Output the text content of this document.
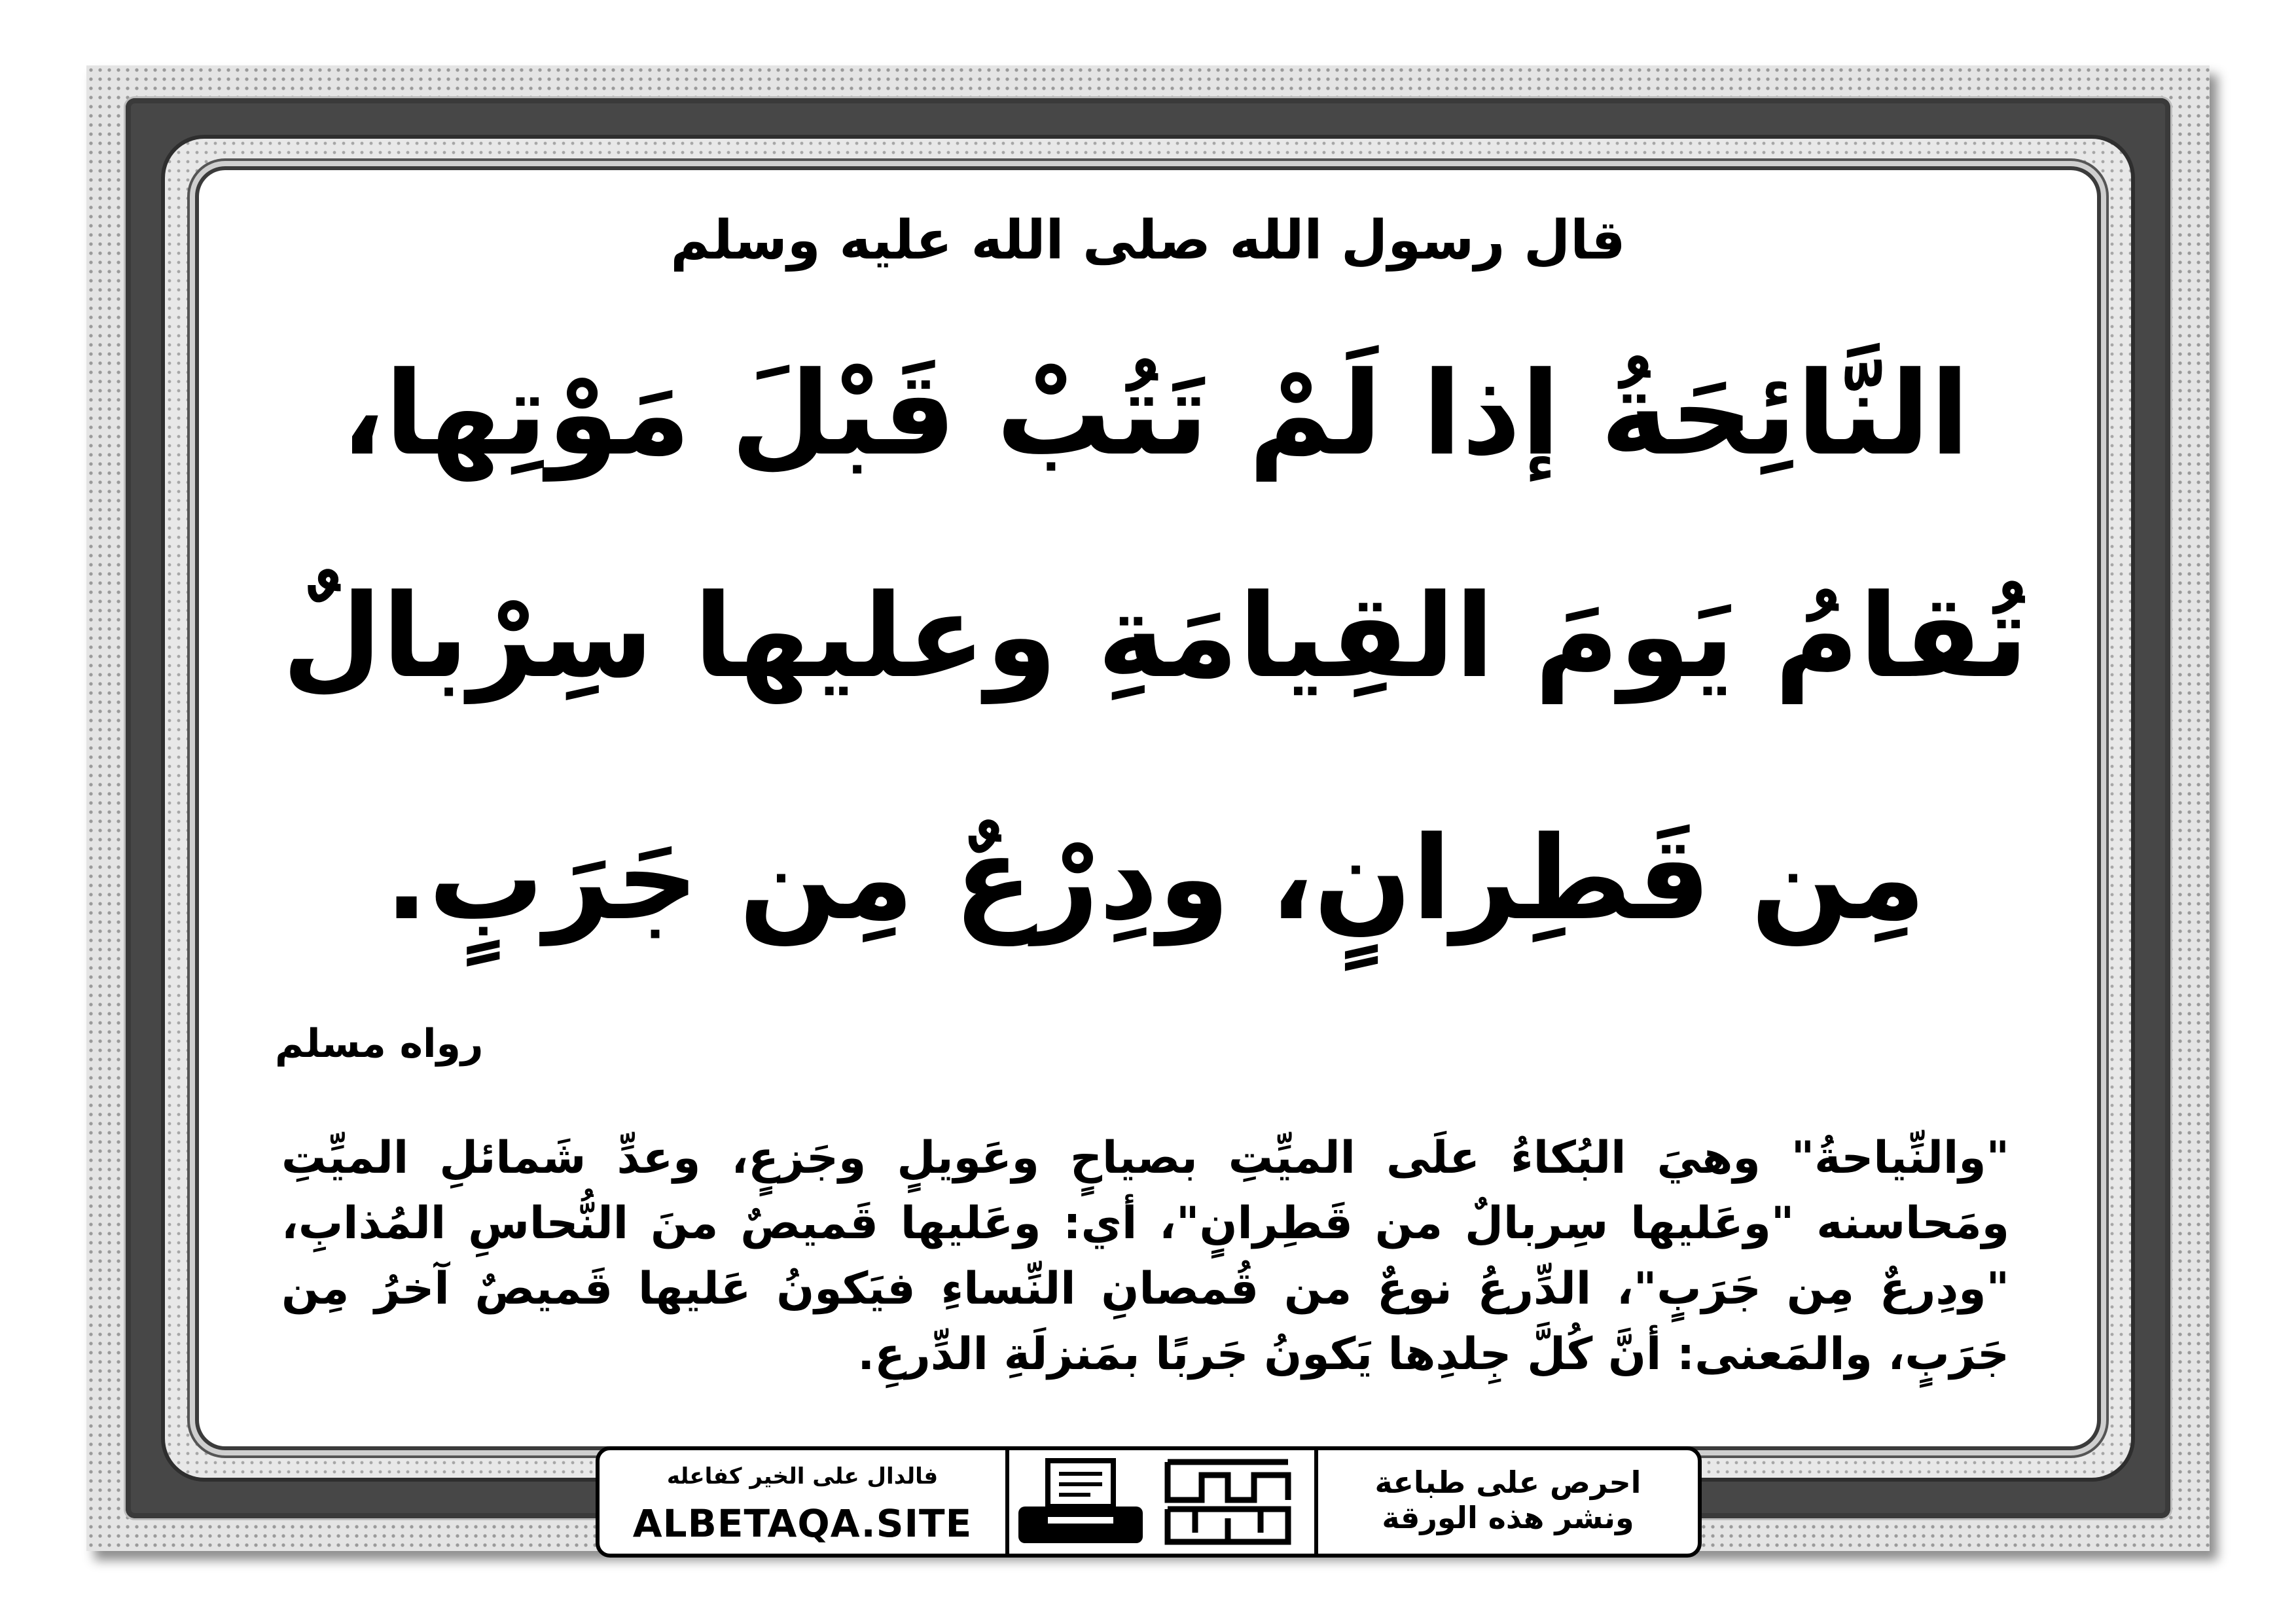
قال رسول الله صلى الله عليه وسلم
النَّائِحَةُ إذا لَمْ تَتُبْ قَبْلَ مَوْتِها،
تُقامُ يَومَ القِيامَةِ وعليها سِرْبالٌ
مِن قَطِرانٍ، ودِرْعٌ مِن جَرَبٍ.
رواه مسلم
"والنِّياحةُ" وهيَ البُكاءُ علَى الميِّتِ بصياحٍ وعَويلٍ وجَزعٍ، وعدِّ شَمائلِ الميِّتِ ومَحاسنه "وعَليها سِربالٌ من قَطِرانٍ"، أي: وعَليها قَميصٌ منَ النُّحاسِ المُذابِ، "ودِرعٌ مِن جَرَبٍ"، الدِّرعُ نوعٌ من قُمصانِ النِّساءِ فيَكونُ عَليها قَميصٌ آخرُ مِن جَرَبٍ، والمَعنى: أنَّ كُلَّ جِلدِها يَكونُ جَربًا بمَنزلَةِ الدِّرعِ.
احرص على طباعة
ونشر هذه الورقة
دعوة الورقة
فالدال على الخير كفاعله
ALBETAQA.SITE
